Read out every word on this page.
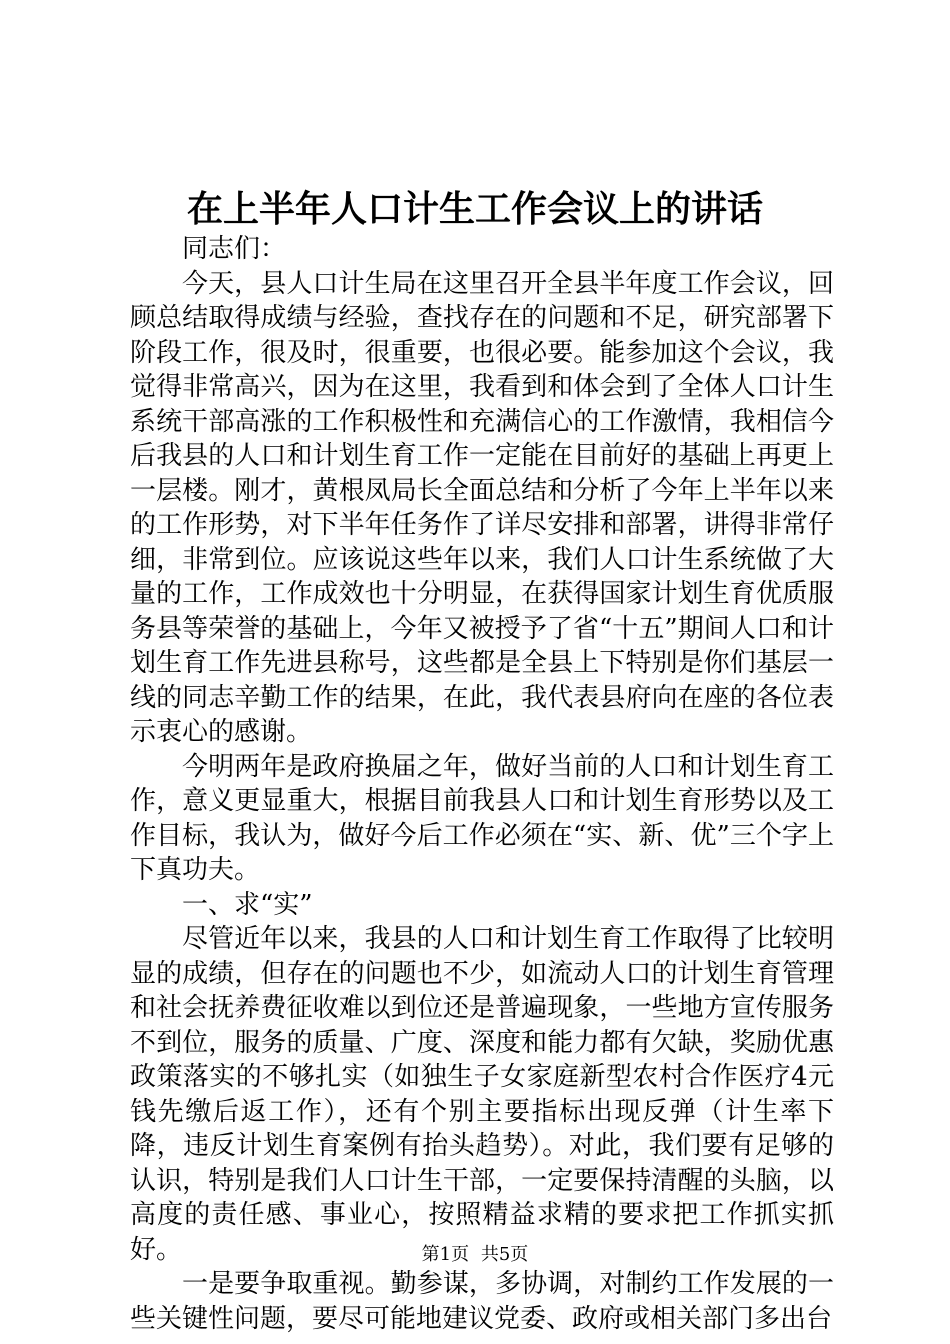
在上半年人口计生工作会议上的讲话

同志们：

今天，县人口计生局在这里召开全县半年度工作会议，回顾总结取得成绩与经验，查找存在的问题和不足，研究部署下阶段工作，很及时，很重要，也很必要。能参加这个会议，我觉得非常高兴，因为在这里，我看到和体会到了全体人口计生系统干部高涨的工作积极性和充满信心的工作激情，我相信今后我县的人口和计划生育工作一定能在目前好的基础上再更上一层楼。刚才，黄根凤局长全面总结和分析了今年上半年以来的工作形势，对下半年任务作了详尽安排和部署，讲得非常仔细，非常到位。应该说这些年以来，我们人口计生系统做了大量的工作，工作成效也十分明显，在获得国家计划生育优质服务县等荣誉的基础上，今年又被授予了省“十五”期间人口和计划生育工作先进县称号，这些都是全县上下特别是你们基层一线的同志辛勤工作的结果，在此，我代表县府向在座的各位表示衷心的感谢。

今明两年是政府换届之年，做好当前的人口和计划生育工作，意义更显重大，根据目前我县人口和计划生育形势以及工作目标，我认为，做好今后工作必须在“实、新、优”三个字上下真功夫。

一、求“实”

尽管近年以来，我县的人口和计划生育工作取得了比较明显的成绩，但存在的问题也不少，如流动人口的计划生育管理和社会抚养费征收难以到位还是普遍现象，一些地方宣传服务不到位，服务的质量、广度、深度和能力都有欠缺，奖励优惠政策落实的不够扎实（如独生子女家庭新型农村合作医疗4元钱先缴后返工作），还有个别主要指标出现反弹（计生率下降，违反计划生育案例有抬头趋势）。对此，我们要有足够的认识，特别是我们人口计生干部，一定要保持清醒的头脑，以高度的责任感、事业心，按照精益求精的要求把工作抓实抓好。

一是要争取重视。勤参谋，多协调，对制约工作发展的一些关键性问题，要尽可能地建议党委、政府或相关部门多出台

第1页 共5页
